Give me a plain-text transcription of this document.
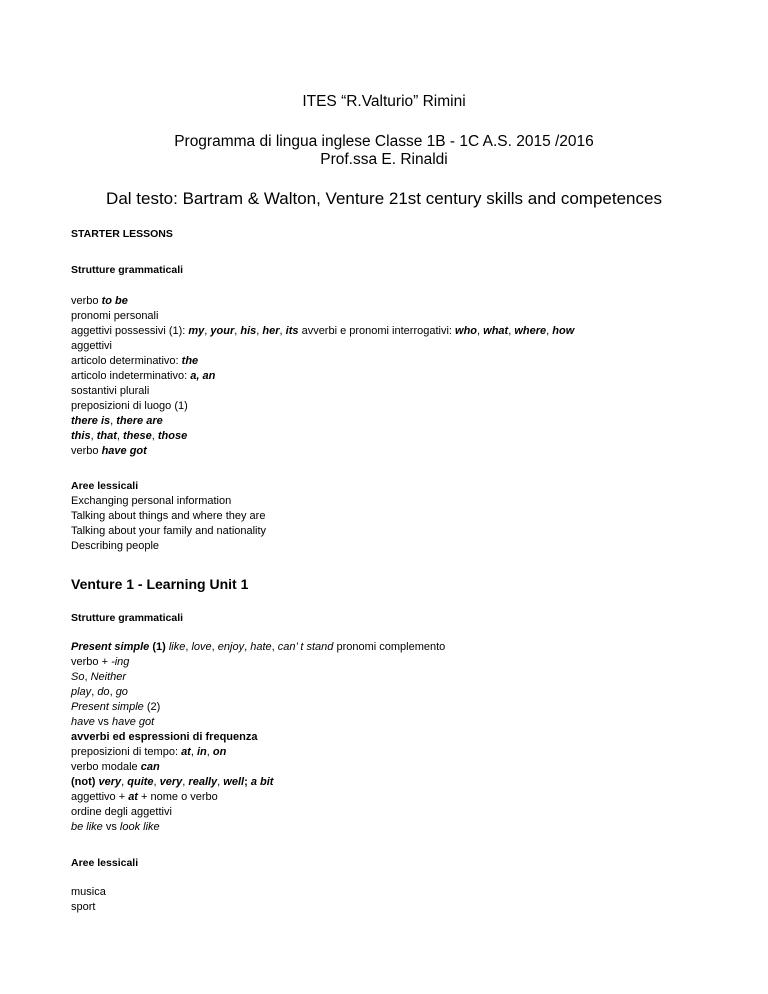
ITES “R.Valturio” Rimini
Programma di lingua inglese Classe 1B - 1C A.S. 2015 /2016
Prof.ssa E. Rinaldi
Dal testo: Bartram & Walton, Venture 21st century skills and competences
STARTER LESSONS
Strutture grammaticali
verbo to be
pronomi personali
aggettivi possessivi (1): my, your, his, her, its avverbi e pronomi interrogativi: who, what, where, how
aggettivi
articolo determinativo: the
articolo indeterminativo: a, an
sostantivi plurali
preposizioni di luogo (1)
there is, there are
this, that, these, those
verbo have got
Aree lessicali
Exchanging personal information
Talking about things and where they are
Talking about your family and nationality
Describing people
Venture 1 - Learning Unit 1
Strutture grammaticali
Present simple (1) like, love, enjoy, hate, can’ t stand pronomi complemento
verbo + -ing
So, Neither
play, do, go
Present simple (2)
have vs have got
avverbi ed espressioni di frequenza
preposizioni di tempo: at, in, on
verbo modale can
(not) very, quite, very, really, well; a bit
aggettivo + at + nome o verbo
ordine degli aggettivi
be like vs look like
Aree lessicali
musica
sport
